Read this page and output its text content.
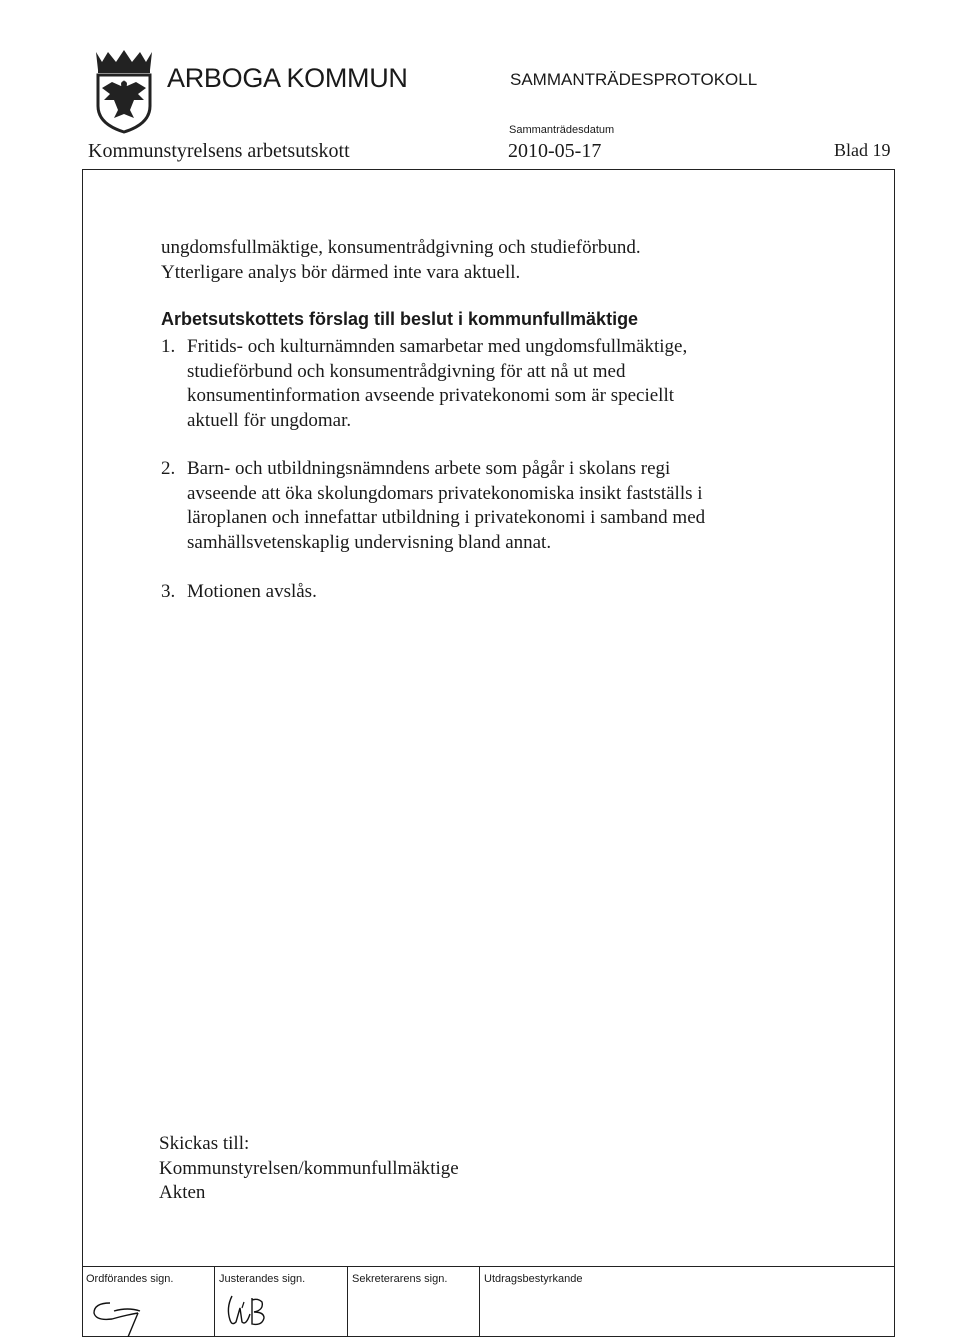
ARBOGA KOMMUN	SAMMANTRÄDESPROTOKOLL
Sammanträdesdatum
Kommunstyrelsens arbetsutskott	2010-05-17	Blad 19
ungdomsfullmäktige, konsumentrådgivning och studieförbund.
Ytterligare analys bör därmed inte vara aktuell.
Arbetsutskottets förslag till beslut i kommunfullmäktige
1. Fritids- och kulturnämnden samarbetar med ungdomsfullmäktige,
studieförbund och konsumentrådgivning för att nå ut med
konsumentinformation avseende privatekonomi som är speciellt
aktuell för ungdomar.
2. Barn- och utbildningsnämndens arbete som pågår i skolans regi
avseende att öka skolungdomars privatekonomiska insikt fastställs i
läroplanen och innefattar utbildning i privatekonomi i samband med
samhällsvetenskaplig undervisning bland annat.
3. Motionen avslås.
Skickas till:
Kommunstyrelsen/kommunfullmäktige
Akten
Ordförandes sign.	Justerandes sign.	Sekreterarens sign.	Utdragsbestyrkande
